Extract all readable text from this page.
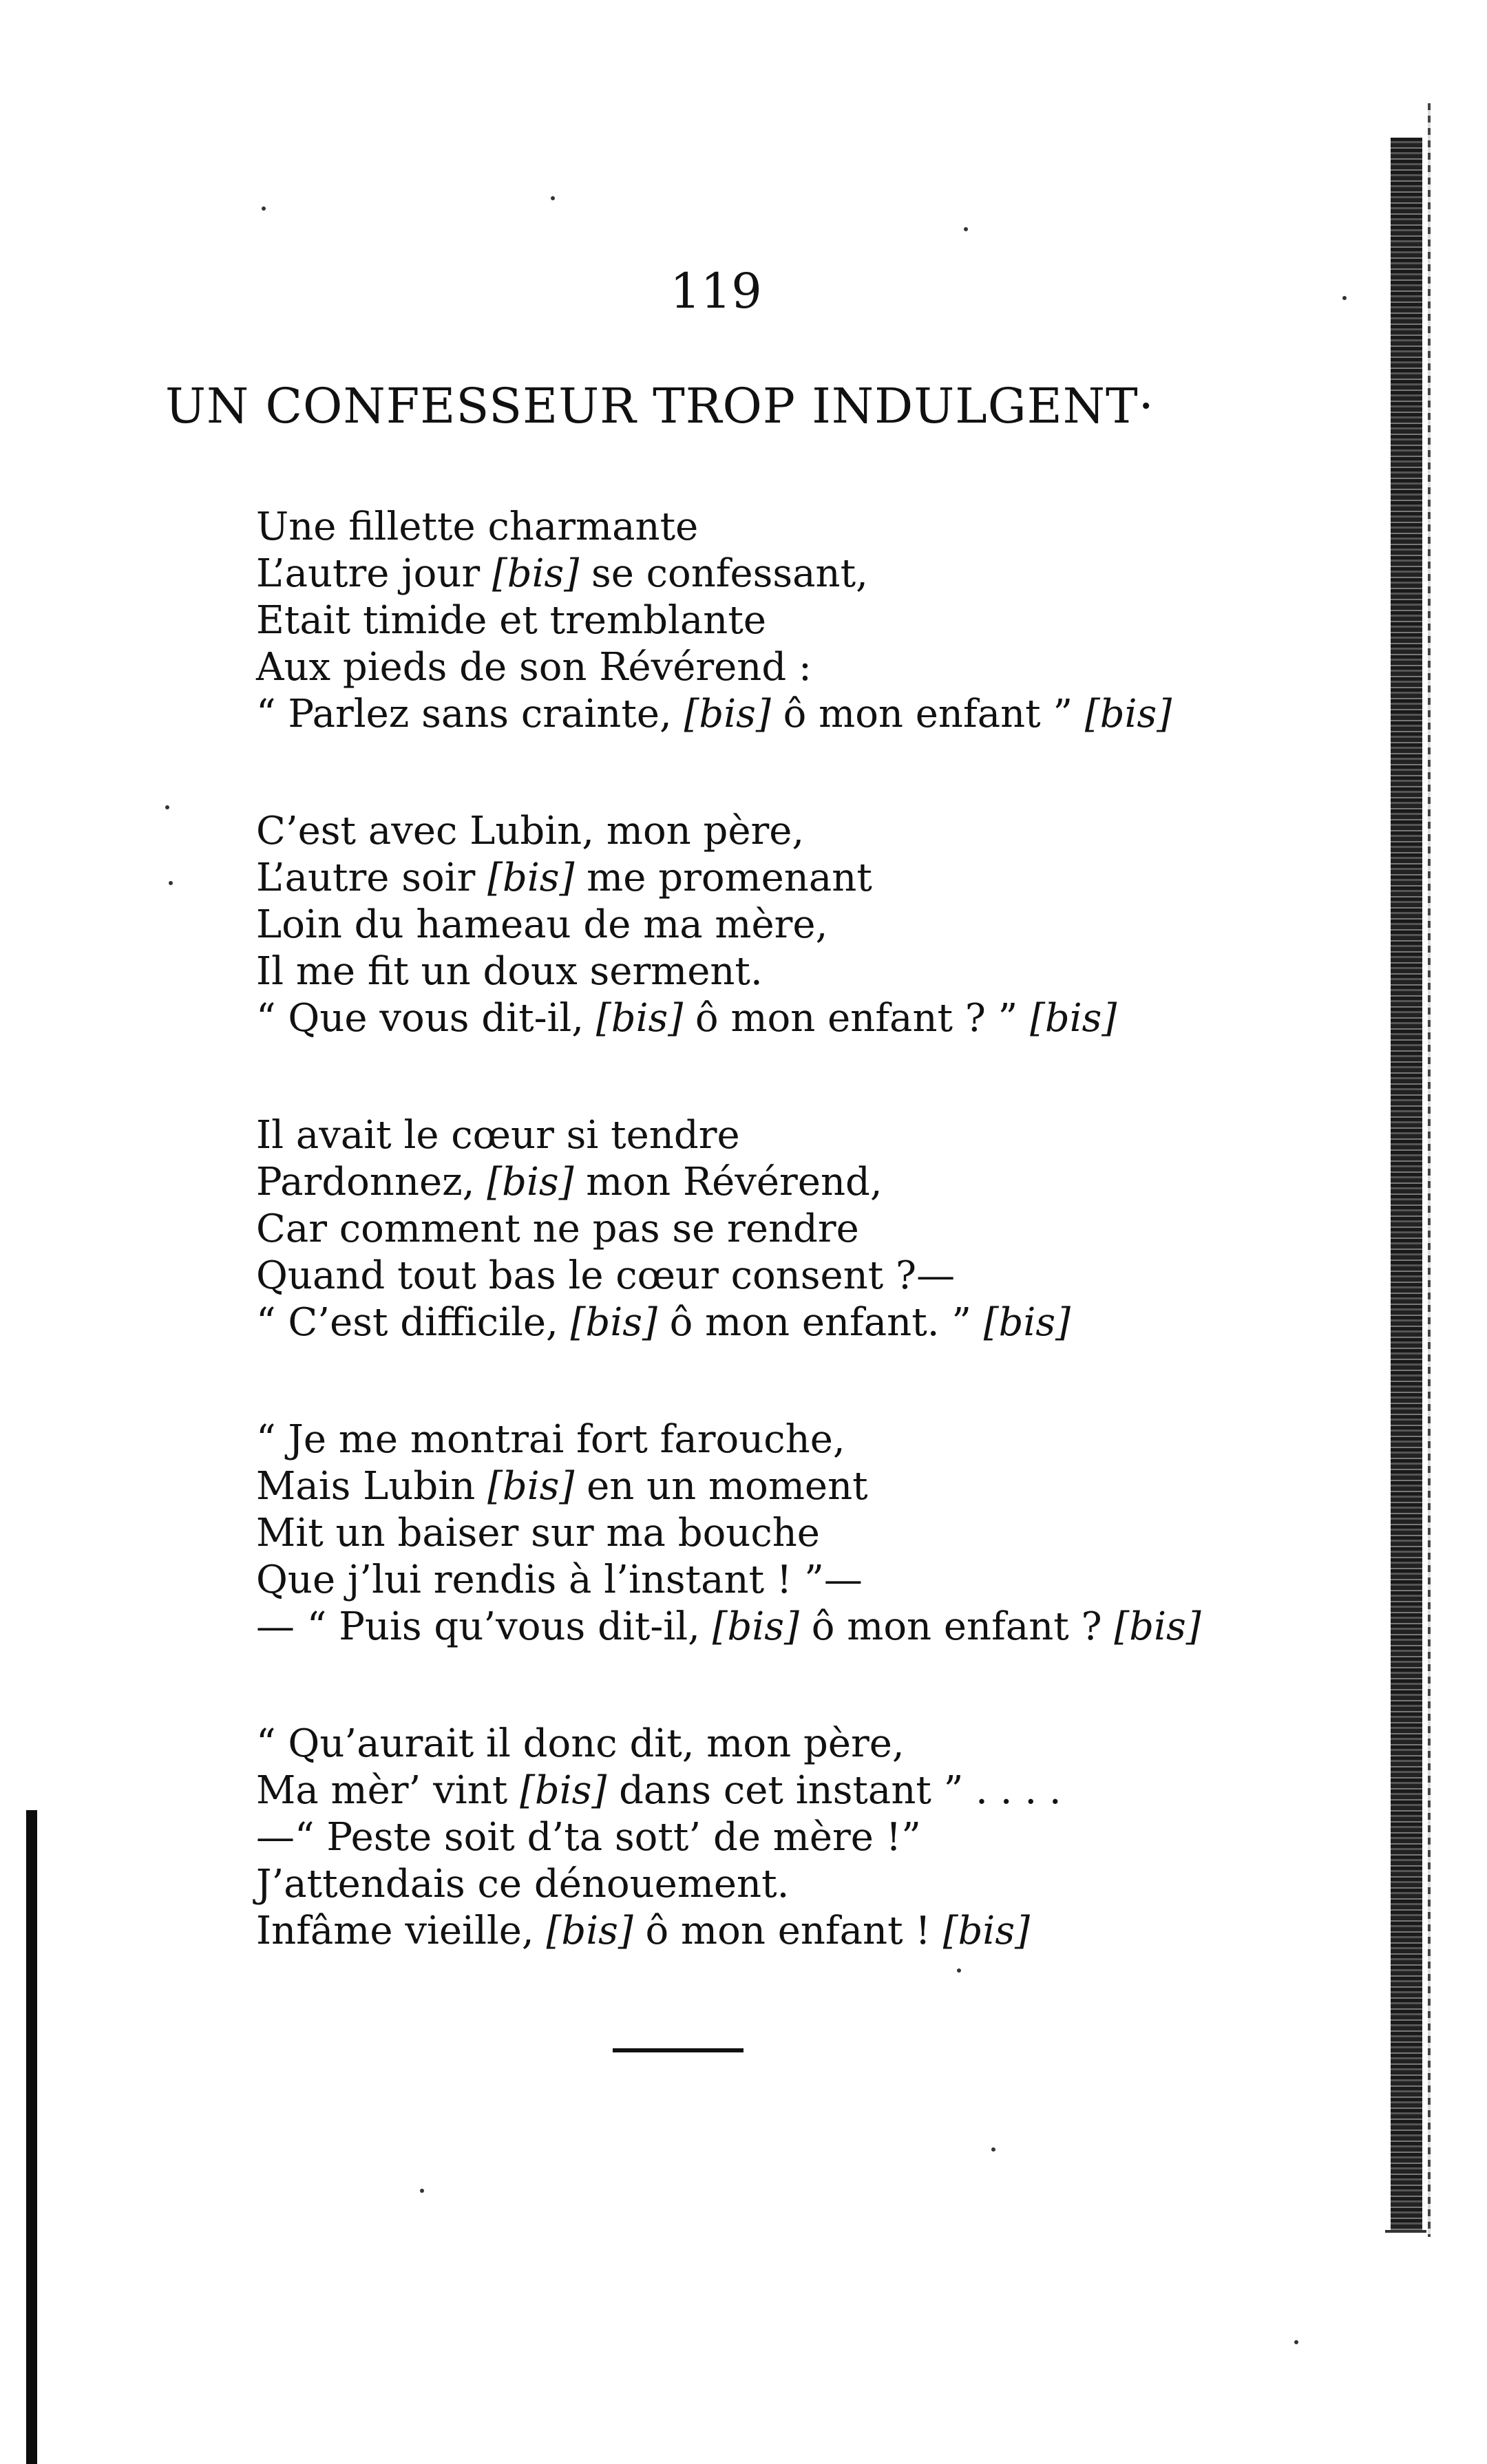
119
UN CONFESSEUR TROP INDULGENT·
Une fillette charmante
L’autre jour [bis] se confessant,
Etait timide et tremblante
Aux pieds de son Révérend :
“ Parlez sans crainte, [bis] ô mon enfant ” [bis]
C’est avec Lubin, mon père,
L’autre soir [bis] me promenant
Loin du hameau de ma mère,
Il me fit un doux serment.
“ Que vous dit-il, [bis] ô mon enfant ? ” [bis]
Il avait le cœur si tendre
Pardonnez, [bis] mon Révérend,
Car comment ne pas se rendre
Quand tout bas le cœur consent ?—
“ C’est difficile, [bis] ô mon enfant. ” [bis]
“ Je me montrai fort farouche,
Mais Lubin [bis] en un moment
Mit un baiser sur ma bouche
Que j’lui rendis à l’instant ! ”—
— “ Puis qu’vous dit-il, [bis] ô mon enfant ? [bis]
“ Qu’aurait il donc dit, mon père,
Ma mèr’ vint [bis] dans cet instant ” . . . .
—“ Peste soit d’ta sott’ de mère !”
J’attendais ce dénouement.
Infâme vieille, [bis] ô mon enfant ! [bis]
